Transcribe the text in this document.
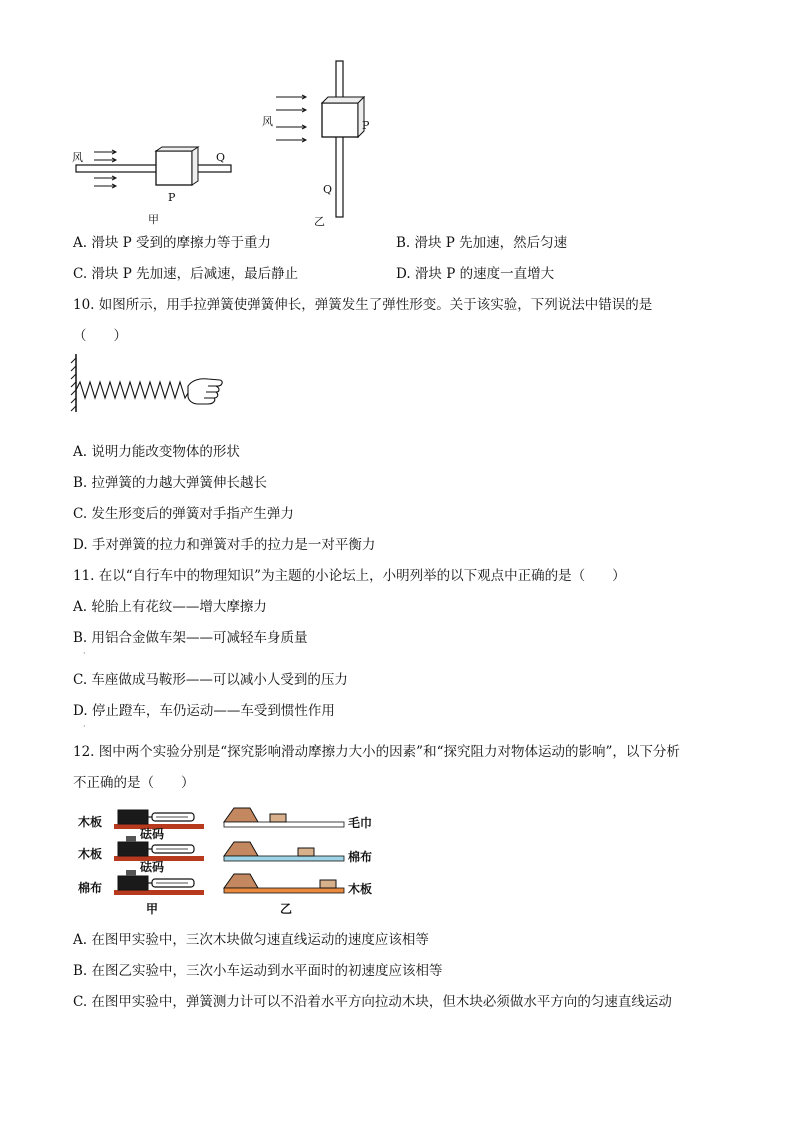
风	Q
P
甲
风	P
Q
乙
A. 滑块 P 受到的摩擦力等于重力	B. 滑块 P 先加速，然后匀速
C. 滑块 P 先加速，后减速，最后静止	D. 滑块 P 的速度一直增大
10. 如图所示，用手拉弹簧使弹簧伸长，弹簧发生了弹性形变。关于该实验，下列说法中错误的是
（　　）
A. 说明力能改变物体的形状
B. 拉弹簧的力越大弹簧伸长越长
C. 发生形变后的弹簧对手指产生弹力
D. 手对弹簧的拉力和弹簧对手的拉力是一对平衡力
11. 在以“自行车中的物理知识”为主题的小论坛上，小明列举的以下观点中正确的是（　　）
A. 轮胎上有花纹——增大摩擦力
B. 用铝合金做车架——可减轻车身质量
·
C. 车座做成马鞍形——可以减小人受到的压力
D. 停止蹬车，车仍运动——车受到惯性作用
·
12. 图中两个实验分别是“探究影响滑动摩擦力大小的因素”和“探究阻力对物体运动的影响”，以下分析
不正确的是（　　）
木板
砝码
木板
砝码
棉布
甲
毛巾
棉布
木板
乙
A. 在图甲实验中，三次木块做匀速直线运动的速度应该相等
B. 在图乙实验中，三次小车运动到水平面时的初速度应该相等
C. 在图甲实验中，弹簧测力计可以不沿着水平方向拉动木块，但木块必须做水平方向的匀速直线运动
